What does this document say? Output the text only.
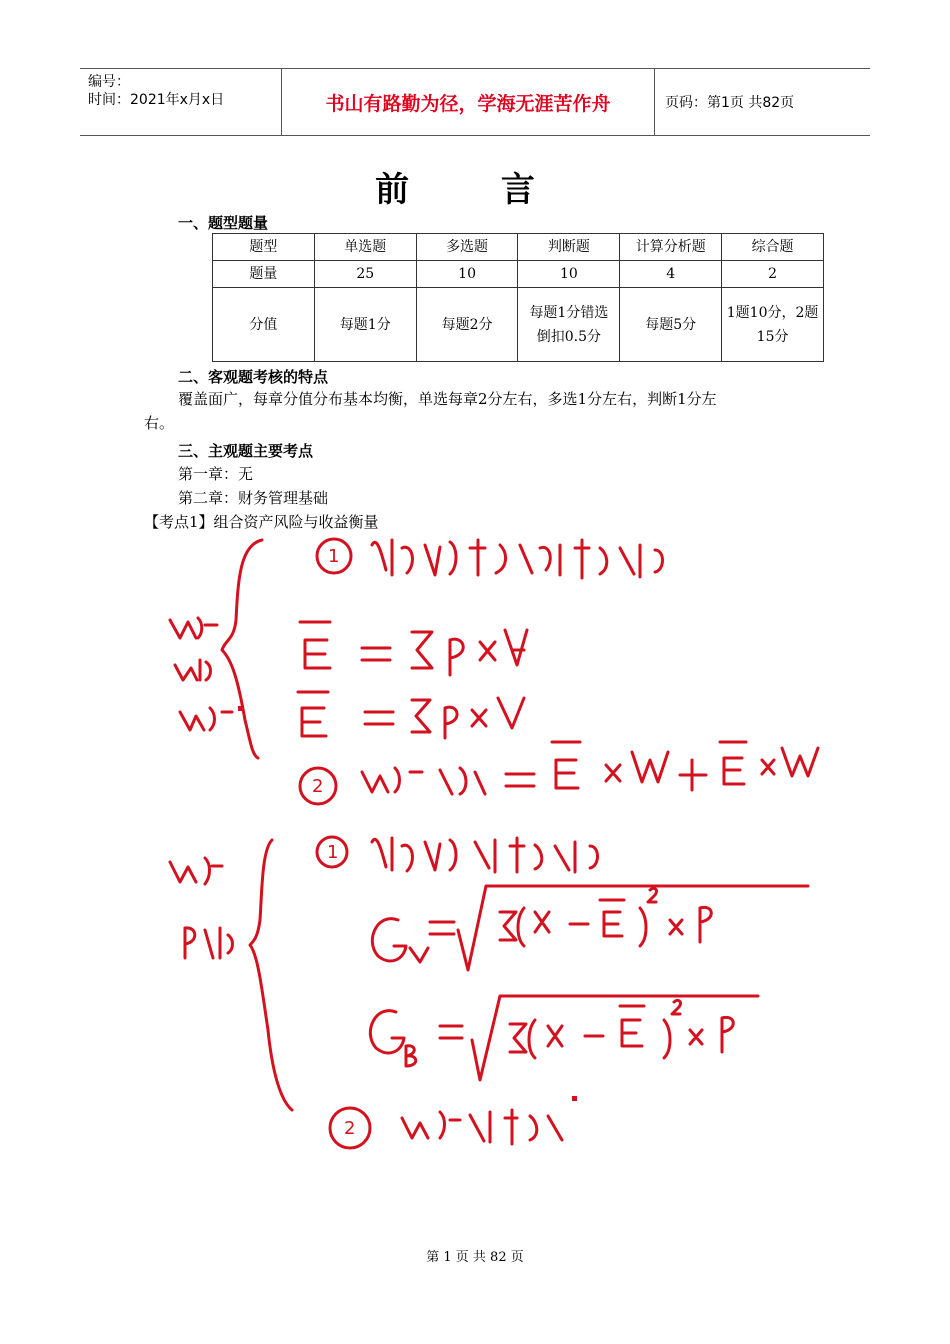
编号：
时间：2021年x月x日	书山有路勤为径，学海无涯苦作舟	页码：第1页 共82页
前 言
一、题型题量
题型	单选题	多选题	判断题	计算分析题	综合题
题量	25	10	10	4	2
分值	每题1分	每题2分	每题1分错选倒扣0.5分	每题5分	1题10分，2题15分
二、客观题考核的特点
覆盖面广，每章分值分布基本均衡，单选每章2分左右，多选1分左右，判断1分左
右。
三、主观题主要考点
第一章：无
第二章：财务管理基础
【考点1】组合资产风险与收益衡量
1
2
1
2
第 1 页 共 82 页
